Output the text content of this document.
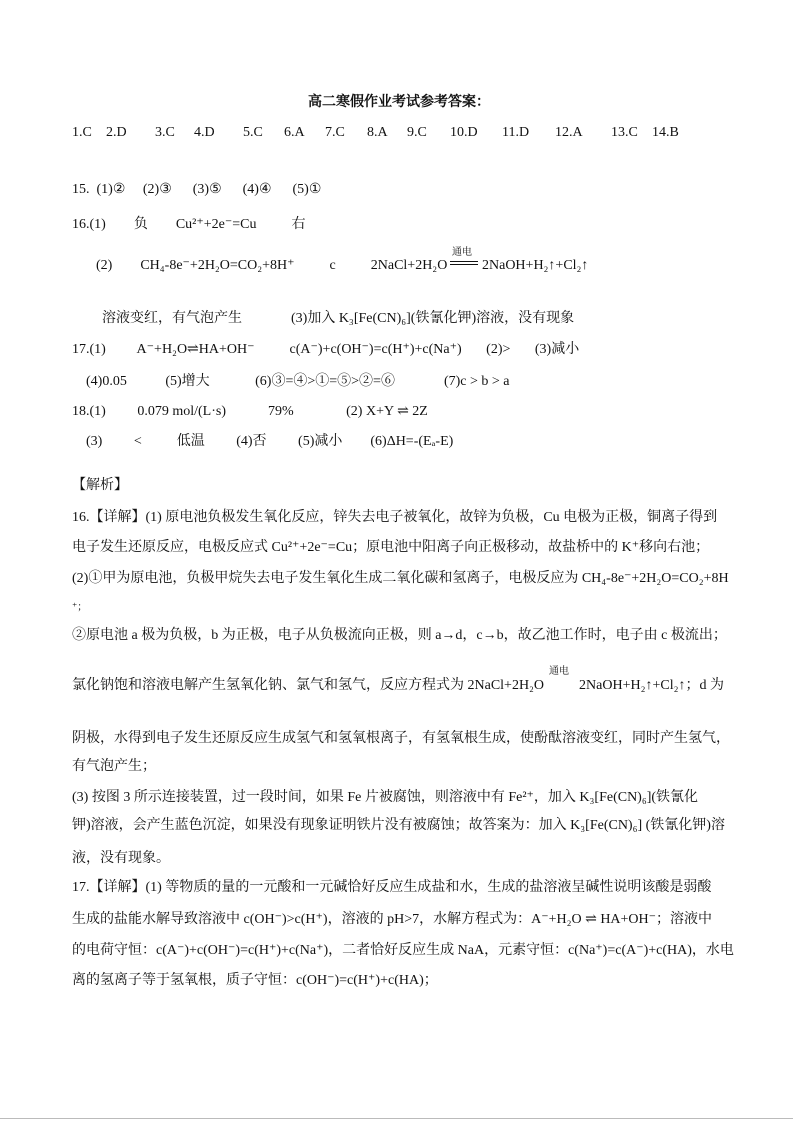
高二寒假作业考试参考答案：
1.C 2.D 3.C 4.D 5.C 6.A 7.C 8.A 9.C 10.D 11.D 12.A 13.C 14.B
15.  (1)②     (2)③      (3)⑤      (4)④      (5)①
16.(1)        负        Cu²⁺+2e⁻=Cu          右
(2)        CH₄-8e⁻+2H₂O=CO₂+8H⁺          c          2NaCl+2H₂O
通电
2NaOH+H₂↑+Cl₂↑
溶液变红，有气泡产生              (3)加入 K₃[Fe(CN)₆](铁氰化钾)溶液，没有现象
17.(1)         A⁻+H₂O⇌HA+OH⁻          c(A⁻)+c(OH⁻)=c(H⁺)+c(Na⁺)       (2)>       (3)减小
(4)0.05           (5)增大             (6)③=④>①=⑤>②=⑥              (7)c > b > a
18.(1)         0.079 mol/(L·s)            79%               (2) X+Y ⇌ 2Z
(3)         <          低温         (4)否         (5)减小        (6)ΔH=-(Eₐ-E)
【解析】
16.【详解】(1) 原电池负极发生氧化反应，锌失去电子被氧化，故锌为负极，Cu 电极为正极，铜离子得到
电子发生还原反应，电极反应式 Cu²⁺+2e⁻=Cu；原电池中阳离子向正极移动，故盐桥中的 K⁺移向右池；
(2)①甲为原电池，负极甲烷失去电子发生氧化生成二氧化碳和氢离子，电极反应为 CH₄-8e⁻+2H₂O=CO₂+8H
⁺；
②原电池 a 极为负极，b 为正极，电子从负极流向正极，则 a→d，c→b，故乙池工作时，电子由 c 极流出；
氯化钠饱和溶液电解产生氢氧化钠、氯气和氢气，反应方程式为 2NaCl+2H₂O          2NaOH+H₂↑+Cl₂↑；d 为
通电
阴极，水得到电子发生还原反应生成氢气和氢氧根离子，有氢氧根生成，使酚酞溶液变红，同时产生氢气，
有气泡产生；
(3) 按图 3 所示连接装置，过一段时间，如果 Fe 片被腐蚀，则溶液中有 Fe²⁺，加入 K₃[Fe(CN)₆](铁氰化
钾)溶液，会产生蓝色沉淀，如果没有现象证明铁片没有被腐蚀；故答案为：加入 K₃[Fe(CN)₆] (铁氰化钾)溶
液，没有现象。
17.【详解】(1) 等物质的量的一元酸和一元碱恰好反应生成盐和水，生成的盐溶液呈碱性说明该酸是弱酸
生成的盐能水解导致溶液中 c(OH⁻)>c(H⁺)，溶液的 pH>7，水解方程式为：A⁻+H₂O ⇌ HA+OH⁻；溶液中
的电荷守恒：c(A⁻)+c(OH⁻)=c(H⁺)+c(Na⁺)，二者恰好反应生成 NaA，元素守恒：c(Na⁺)=c(A⁻)+c(HA)，水电
离的氢离子等于氢氧根，质子守恒：c(OH⁻)=c(H⁺)+c(HA)；
